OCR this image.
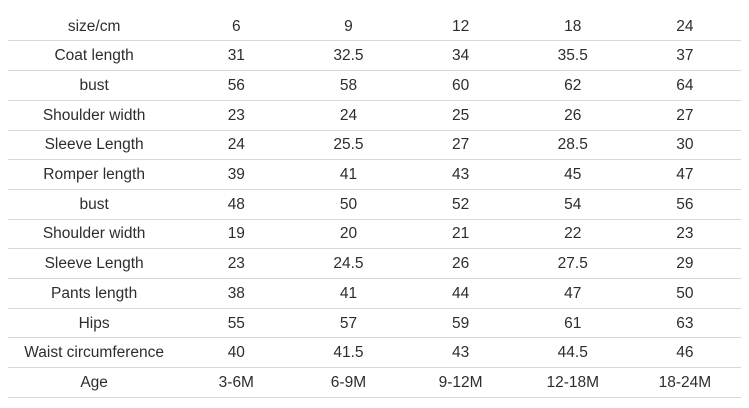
size/cm	6	9	12	18	24
Coat length	31	32.5	34	35.5	37
bust	56	58	60	62	64
Shoulder width	23	24	25	26	27
Sleeve Length	24	25.5	27	28.5	30
Romper length	39	41	43	45	47
bust	48	50	52	54	56
Shoulder width	19	20	21	22	23
Sleeve Length	23	24.5	26	27.5	29
Pants length	38	41	44	47	50
Hips	55	57	59	61	63
Waist circumference	40	41.5	43	44.5	46
Age	3-6M	6-9M	9-12M	12-18M	18-24M
